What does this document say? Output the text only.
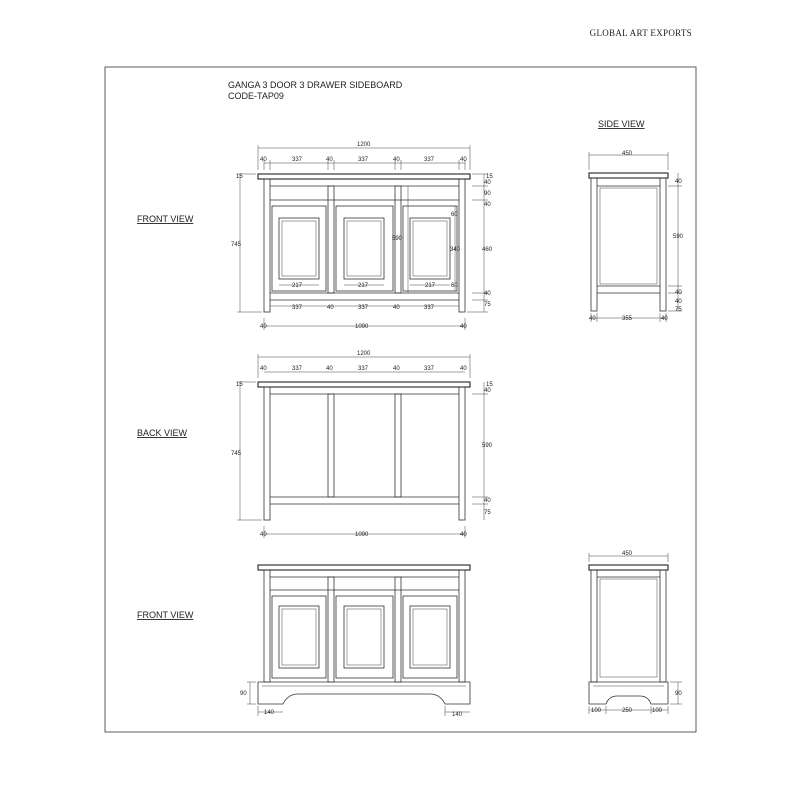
GLOBAL ART EXPORTS
GANGA 3 DOOR 3 DRAWER SIDEBOARD
CODE-TAP09
FRONT VIEW
SIDE VIEW
BACK VIEW
FRONT VIEW
1200
40	337	40	337	40	337	40
15
745
15
40
90
40
460
40
75
60
590
340
60
217	217	217
337	40	337	40	337
40	1090	40
450
40
590
40
40
75
40	355	40
1200
40	337	40	337	40	337	40
15
745
15
40
590
40
75
40	1090	40
90
140	140
450
90
100	250	100
